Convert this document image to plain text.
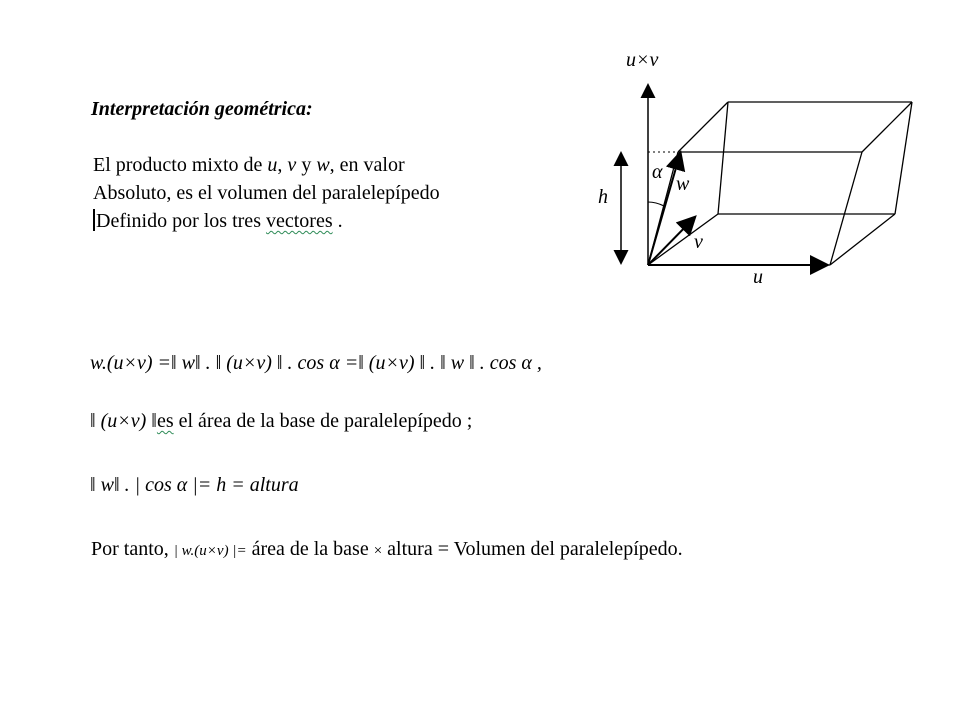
Interpretación geométrica:
El producto mixto de u, v y w, en valor
Absoluto, es el volumen del paralelepípedo
Definido por los tres vectores .
u×v
h
α
w
v
u
w.(u×v) =‖ w‖ . ‖ (u×v) ‖ . cos α =‖ (u×v) ‖ . ‖ w ‖ . cos α ,
‖ (u×v) ‖es el área de la base de paralelepípedo ;
‖ w‖ . | cos α |= h = altura
Por tanto, | w.(u×v) |= área de la base × altura = Volumen del paralelepípedo.
